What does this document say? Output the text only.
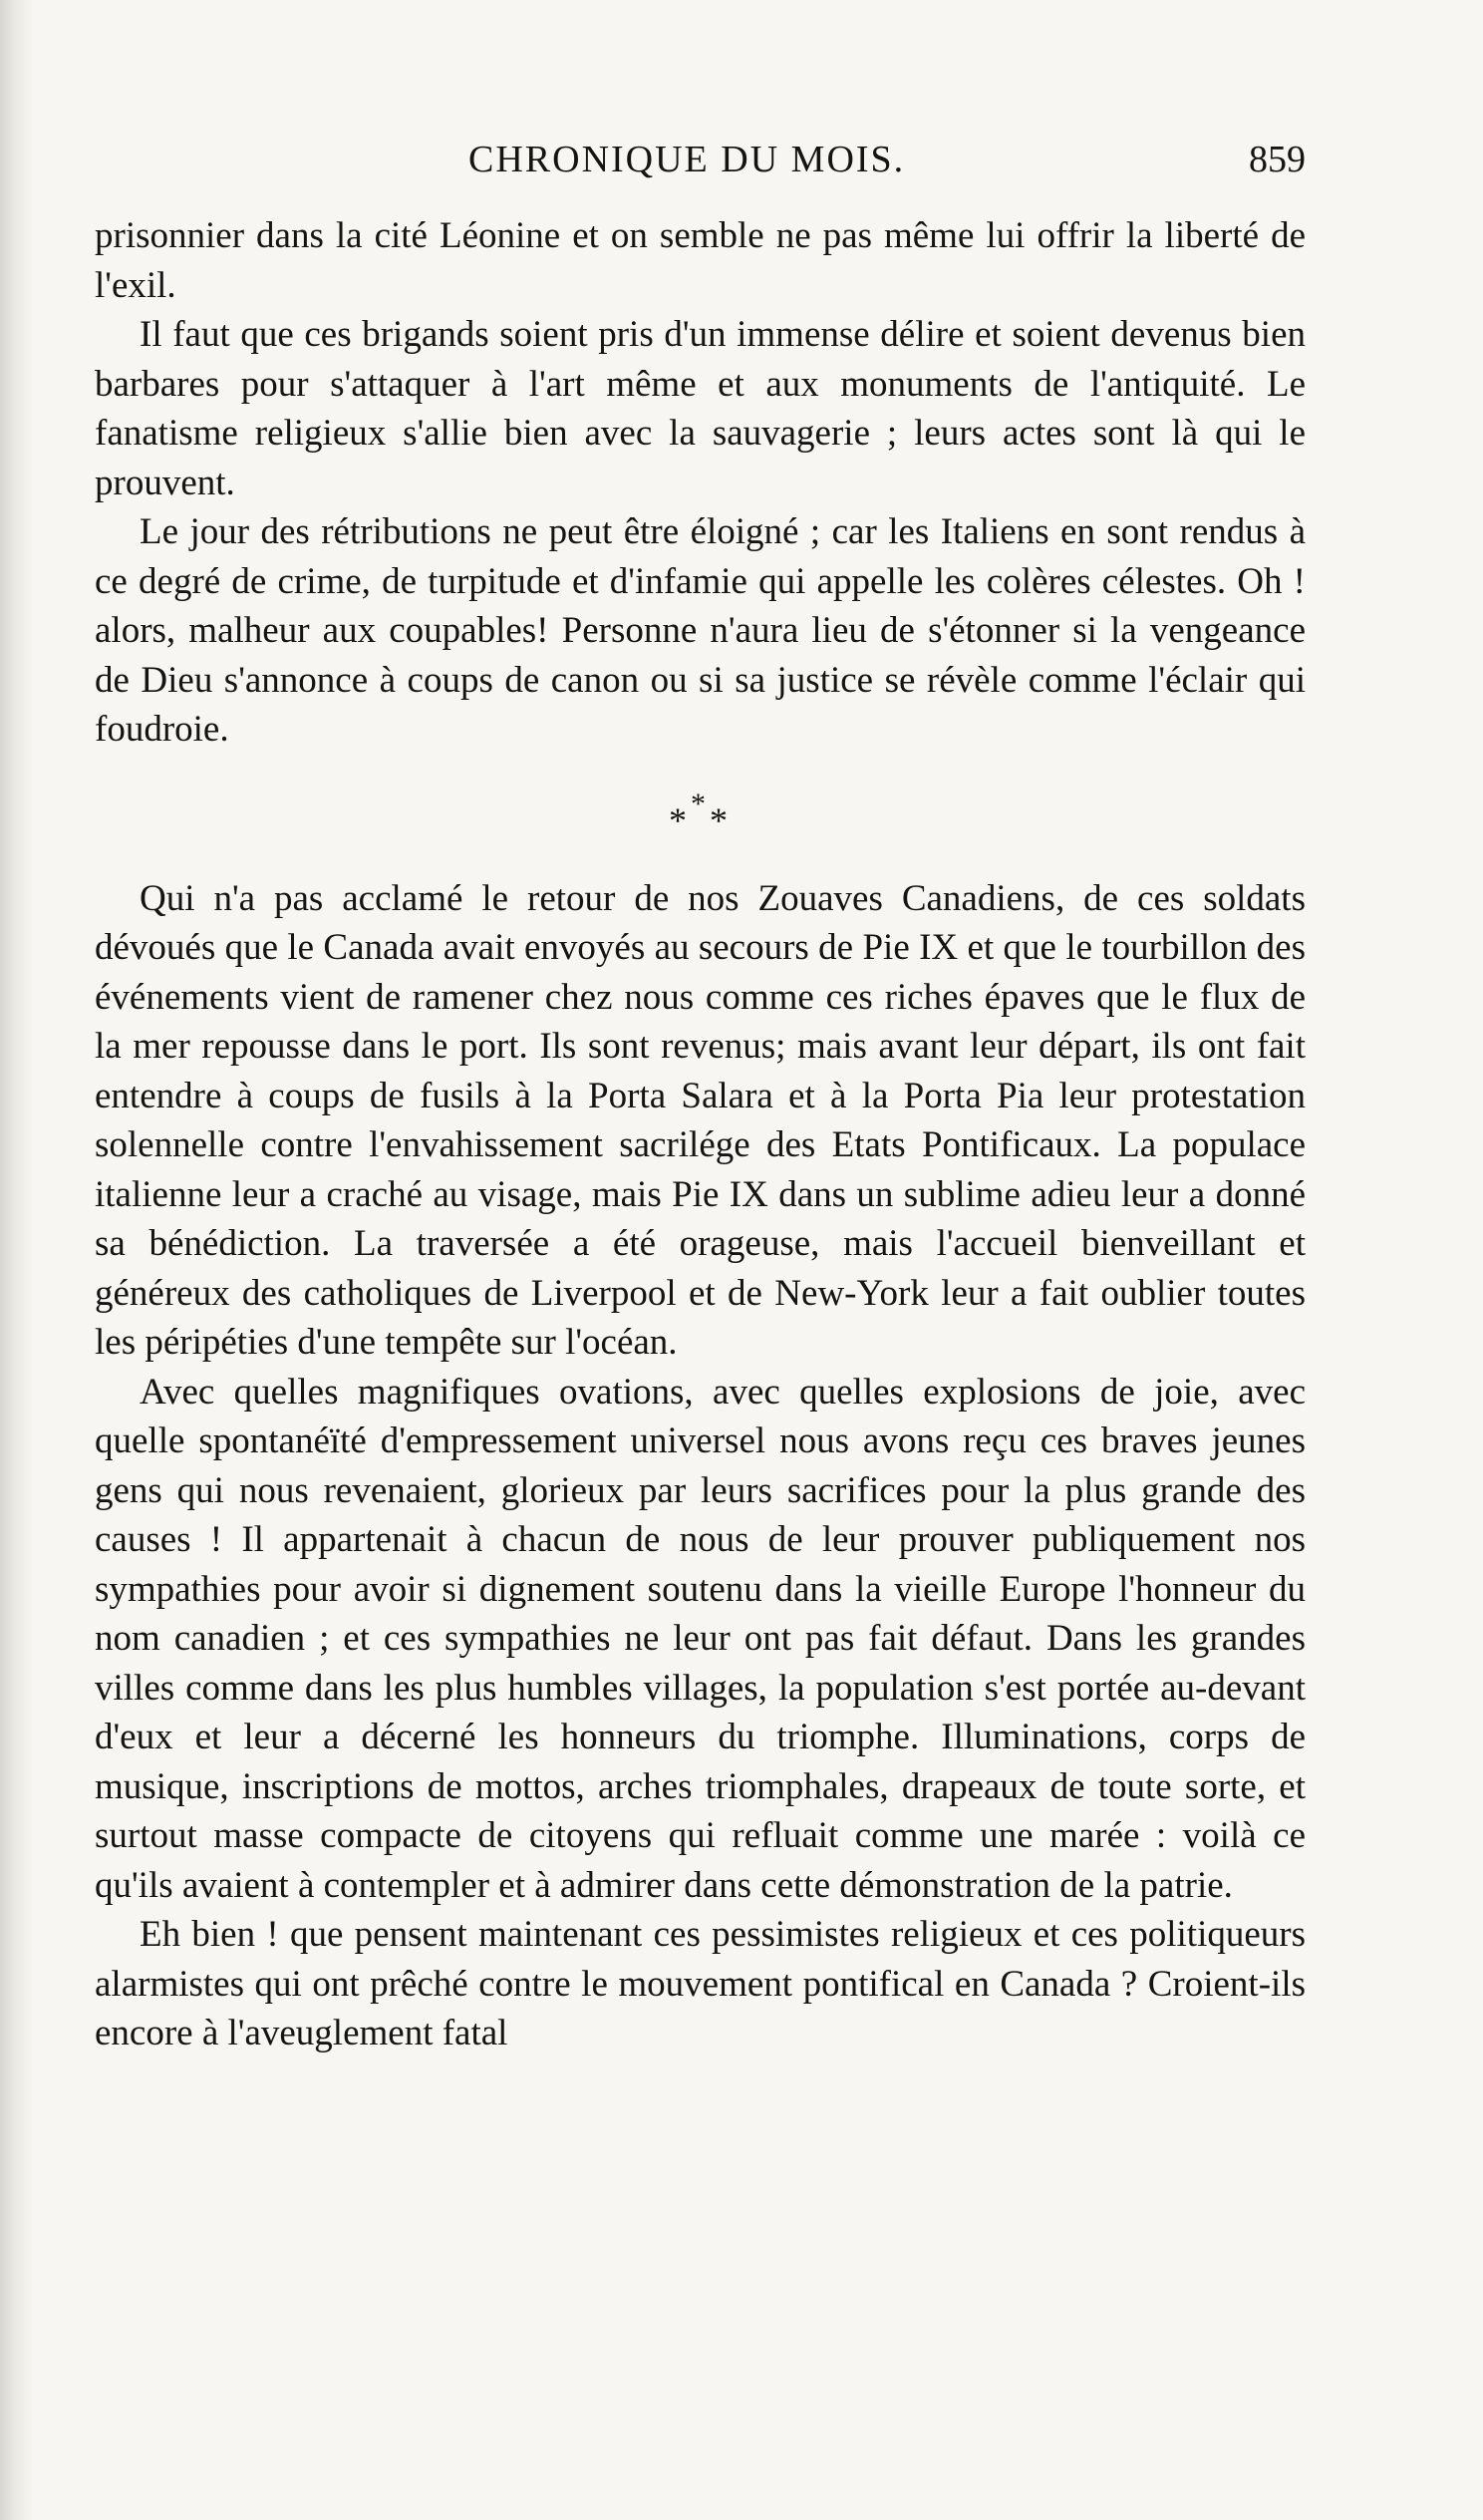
CHRONIQUE DU MOIS.	859

prisonnier dans la cité Léonine et on semble ne pas même lui offrir la liberté de l'exil.

Il faut que ces brigands soient pris d'un immense délire et soient devenus bien barbares pour s'attaquer à l'art même et aux monuments de l'antiquité. Le fanatisme religieux s'allie bien avec la sauvagerie ; leurs actes sont là qui le prouvent.

Le jour des rétributions ne peut être éloigné ; car les Italiens en sont rendus à ce degré de crime, de turpitude et d'infamie qui appelle les colères célestes. Oh ! alors, malheur aux coupables! Personne n'aura lieu de s'étonner si la vengeance de Dieu s'annonce à coups de canon ou si sa justice se révèle comme l'éclair qui foudroie.

***

Qui n'a pas acclamé le retour de nos Zouaves Canadiens, de ces soldats dévoués que le Canada avait envoyés au secours de Pie IX et que le tourbillon des événements vient de ramener chez nous comme ces riches épaves que le flux de la mer repousse dans le port. Ils sont revenus; mais avant leur départ, ils ont fait entendre à coups de fusils à la Porta Salara et à la Porta Pia leur protestation solennelle contre l'envahissement sacrilége des Etats Pontificaux. La populace italienne leur a craché au visage, mais Pie IX dans un sublime adieu leur a donné sa bénédiction. La traversée a été orageuse, mais l'accueil bienveillant et généreux des catholiques de Liverpool et de New-York leur a fait oublier toutes les péripéties d'une tempête sur l'océan.

Avec quelles magnifiques ovations, avec quelles explosions de joie, avec quelle spontanéïté d'empressement universel nous avons reçu ces braves jeunes gens qui nous revenaient, glorieux par leurs sacrifices pour la plus grande des causes ! Il appartenait à chacun de nous de leur prouver publiquement nos sympathies pour avoir si dignement soutenu dans la vieille Europe l'honneur du nom canadien ; et ces sympathies ne leur ont pas fait défaut. Dans les grandes villes comme dans les plus humbles villages, la population s'est portée au-devant d'eux et leur a décerné les honneurs du triomphe. Illuminations, corps de musique, inscriptions de mottos, arches triomphales, drapeaux de toute sorte, et surtout masse compacte de citoyens qui refluait comme une marée : voilà ce qu'ils avaient à contempler et à admirer dans cette démonstration de la patrie.

Eh bien ! que pensent maintenant ces pessimistes religieux et ces politiqueurs alarmistes qui ont prêché contre le mouvement pontifical en Canada ? Croient-ils encore à l'aveuglement fatal
